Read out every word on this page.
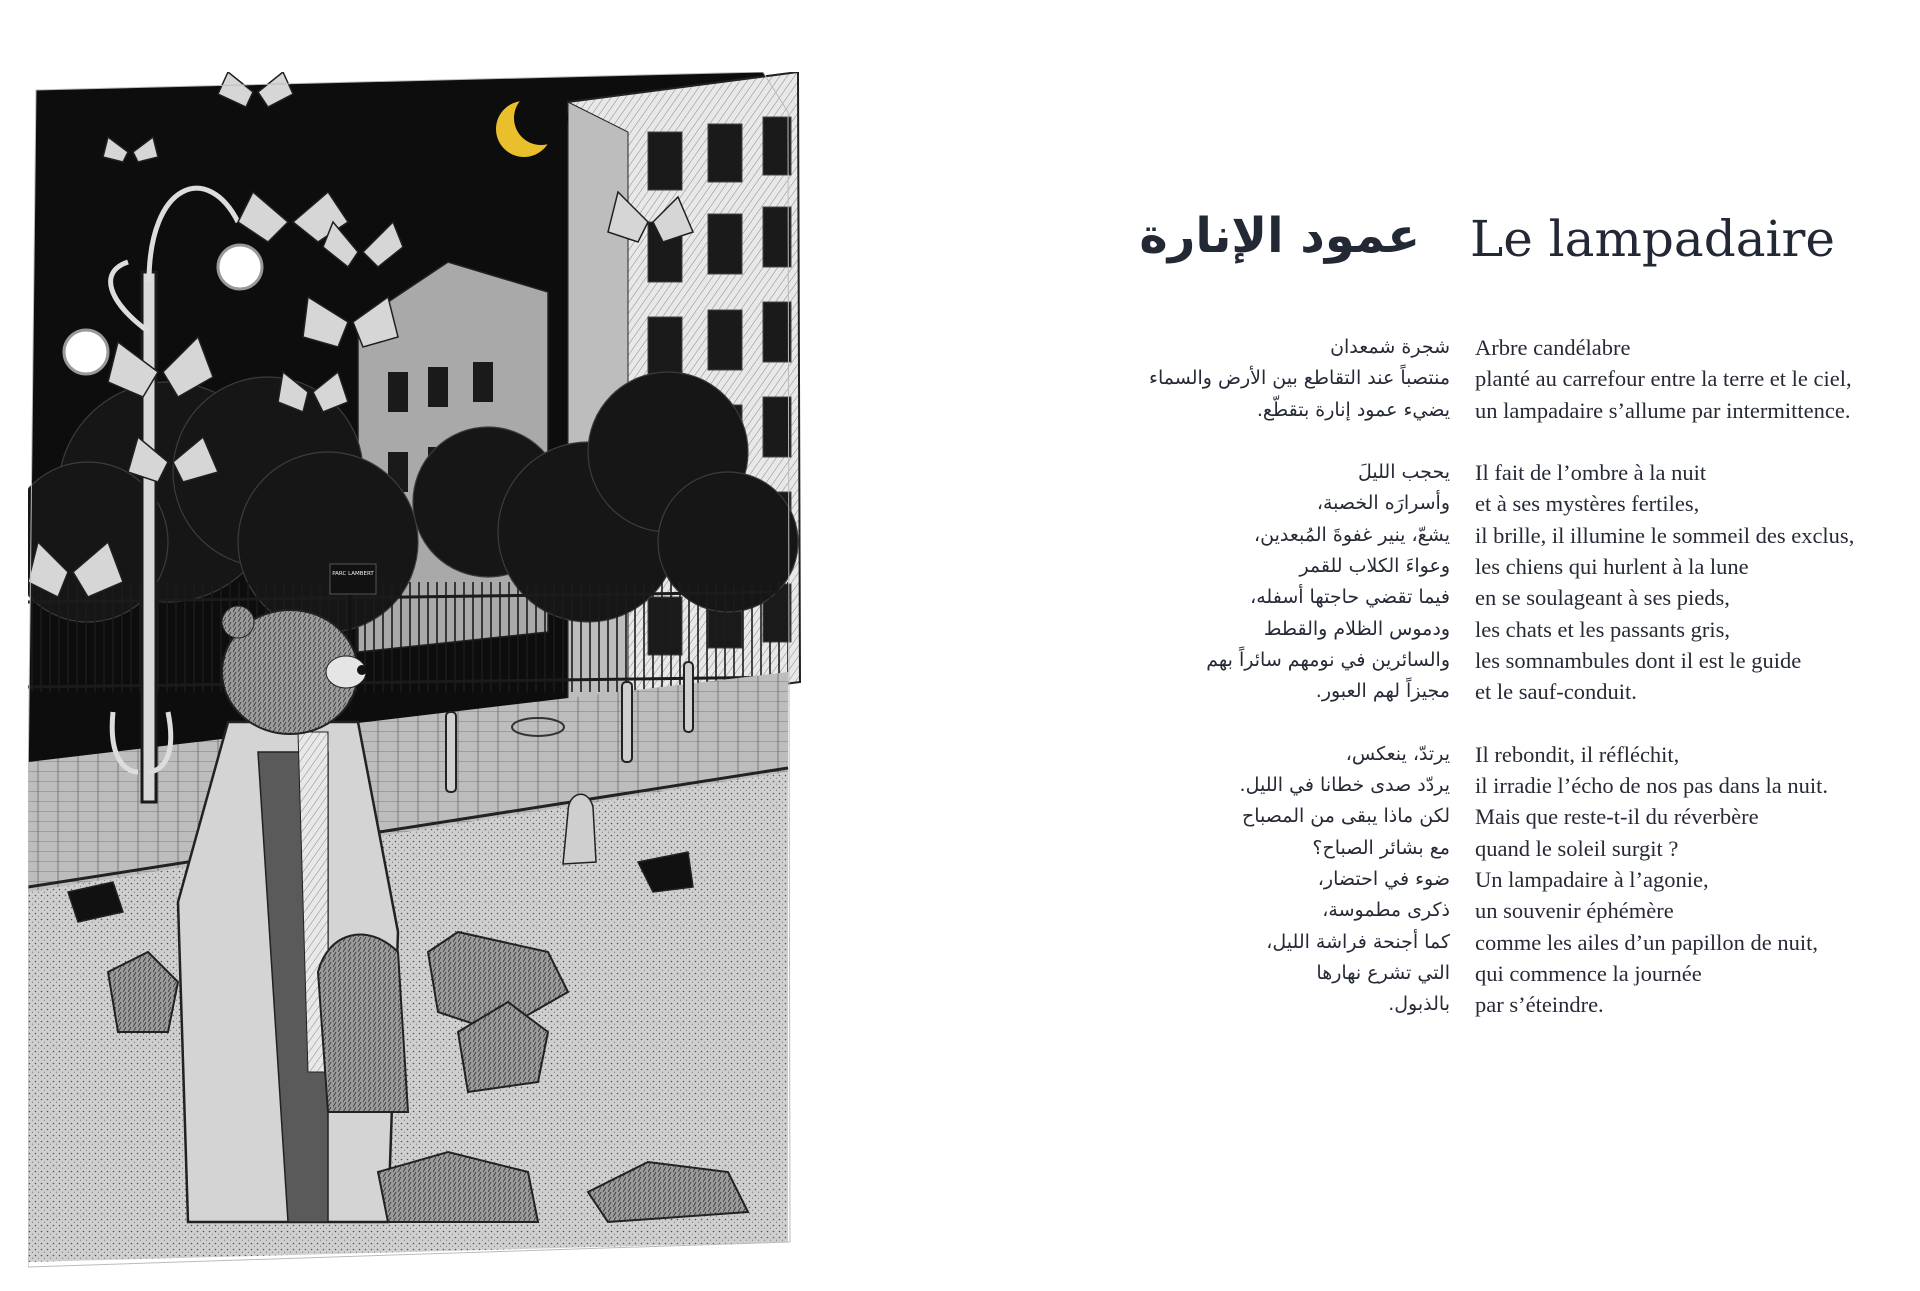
PARC LAMBERT
Le lampadaire
عمود الإنارة
شجرة شمعدان
منتصباً عند التقاطع بين الأرض والسماء
يضيء عمود إنارة بتقطّع.
يحجب الليلَ
وأسرارَه الخصبة،
يشعّ، ينير غفوةَ المُبعدين،
وعواءَ الكلاب للقمر
فيما تقضي حاجتها أسفله،
ودموس الظلام والقطط
والسائرين في نومهم سائراً بهم
مجيزاً لهم العبور.
يرتدّ، ينعكس،
يردّد صدى خطانا في الليل.
لكن ماذا يبقى من المصباح
مع بشائر الصباح؟
ضوء في احتضار،
ذكرى مطموسة،
كما أجنحة فراشة الليل،
التي تشرع نهارها
بالذبول.
Arbre candélabre
planté au carrefour entre la terre et le ciel,
un lampadaire s’allume par intermittence.
Il fait de l’ombre à la nuit
et à ses mystères fertiles,
il brille, il illumine le sommeil des exclus,
les chiens qui hurlent à la lune
en se soulageant à ses pieds,
les chats et les passants gris,
les somnambules dont il est le guide
et le sauf-conduit.
Il rebondit, il réfléchit,
il irradie l’écho de nos pas dans la nuit.
Mais que reste-t-il du réverbère
quand le soleil surgit ?
Un lampadaire à l’agonie,
un souvenir éphémère
comme les ailes d’un papillon de nuit,
qui commence la journée
par s’éteindre.
